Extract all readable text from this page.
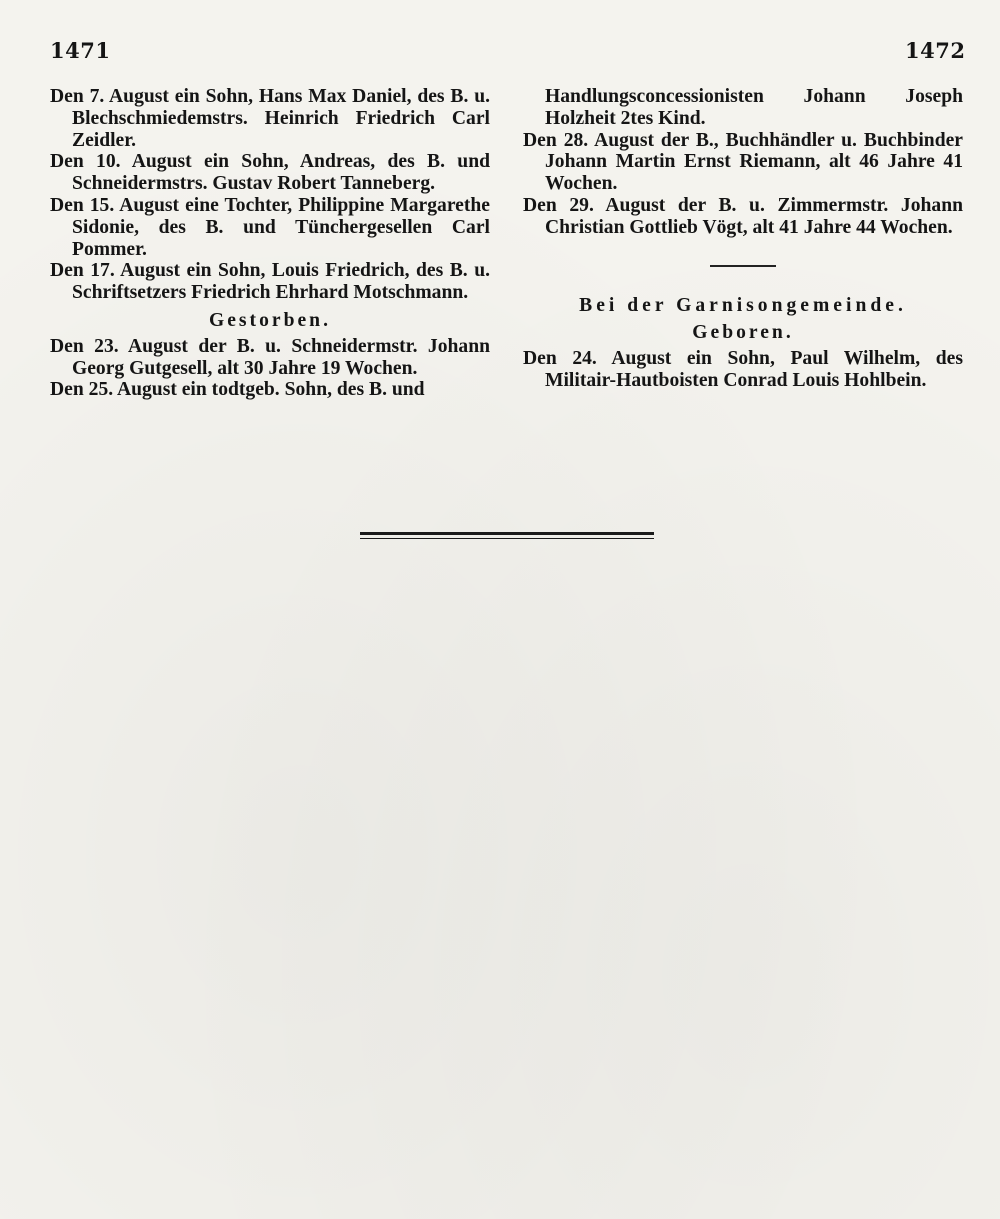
1471	1472

Den 7. August ein Sohn, Hans Max Daniel, des B. u. Blechschmiedemstrs. Heinrich Friedrich Carl Zeidler.

Den 10. August ein Sohn, Andreas, des B. und Schneidermstrs. Gustav Robert Tanneberg.

Den 15. August eine Tochter, Philippine Margarethe Sidonie, des B. und Tünchergesellen Carl Pommer.

Den 17. August ein Sohn, Louis Friedrich, des B. u. Schriftsetzers Friedrich Ehrhard Motschmann.

Gestorben.

Den 23. August der B. u. Schneidermstr. Johann Georg Gutgesell, alt 30 Jahre 19 Wochen.

Den 25. August ein todtgeb. Sohn, des B. und

Handlungsconcessionisten Johann Joseph Holzheit 2tes Kind.

Den 28. August der B., Buchhändler u. Buchbinder Johann Martin Ernst Riemann, alt 46 Jahre 41 Wochen.

Den 29. August der B. u. Zimmermstr. Johann Christian Gottlieb Vögt, alt 41 Jahre 44 Wochen.

Bei der Garnisongemeinde.
Geboren.

Den 24. August ein Sohn, Paul Wilhelm, des Militair-Hautboisten Conrad Louis Hohlbein.
